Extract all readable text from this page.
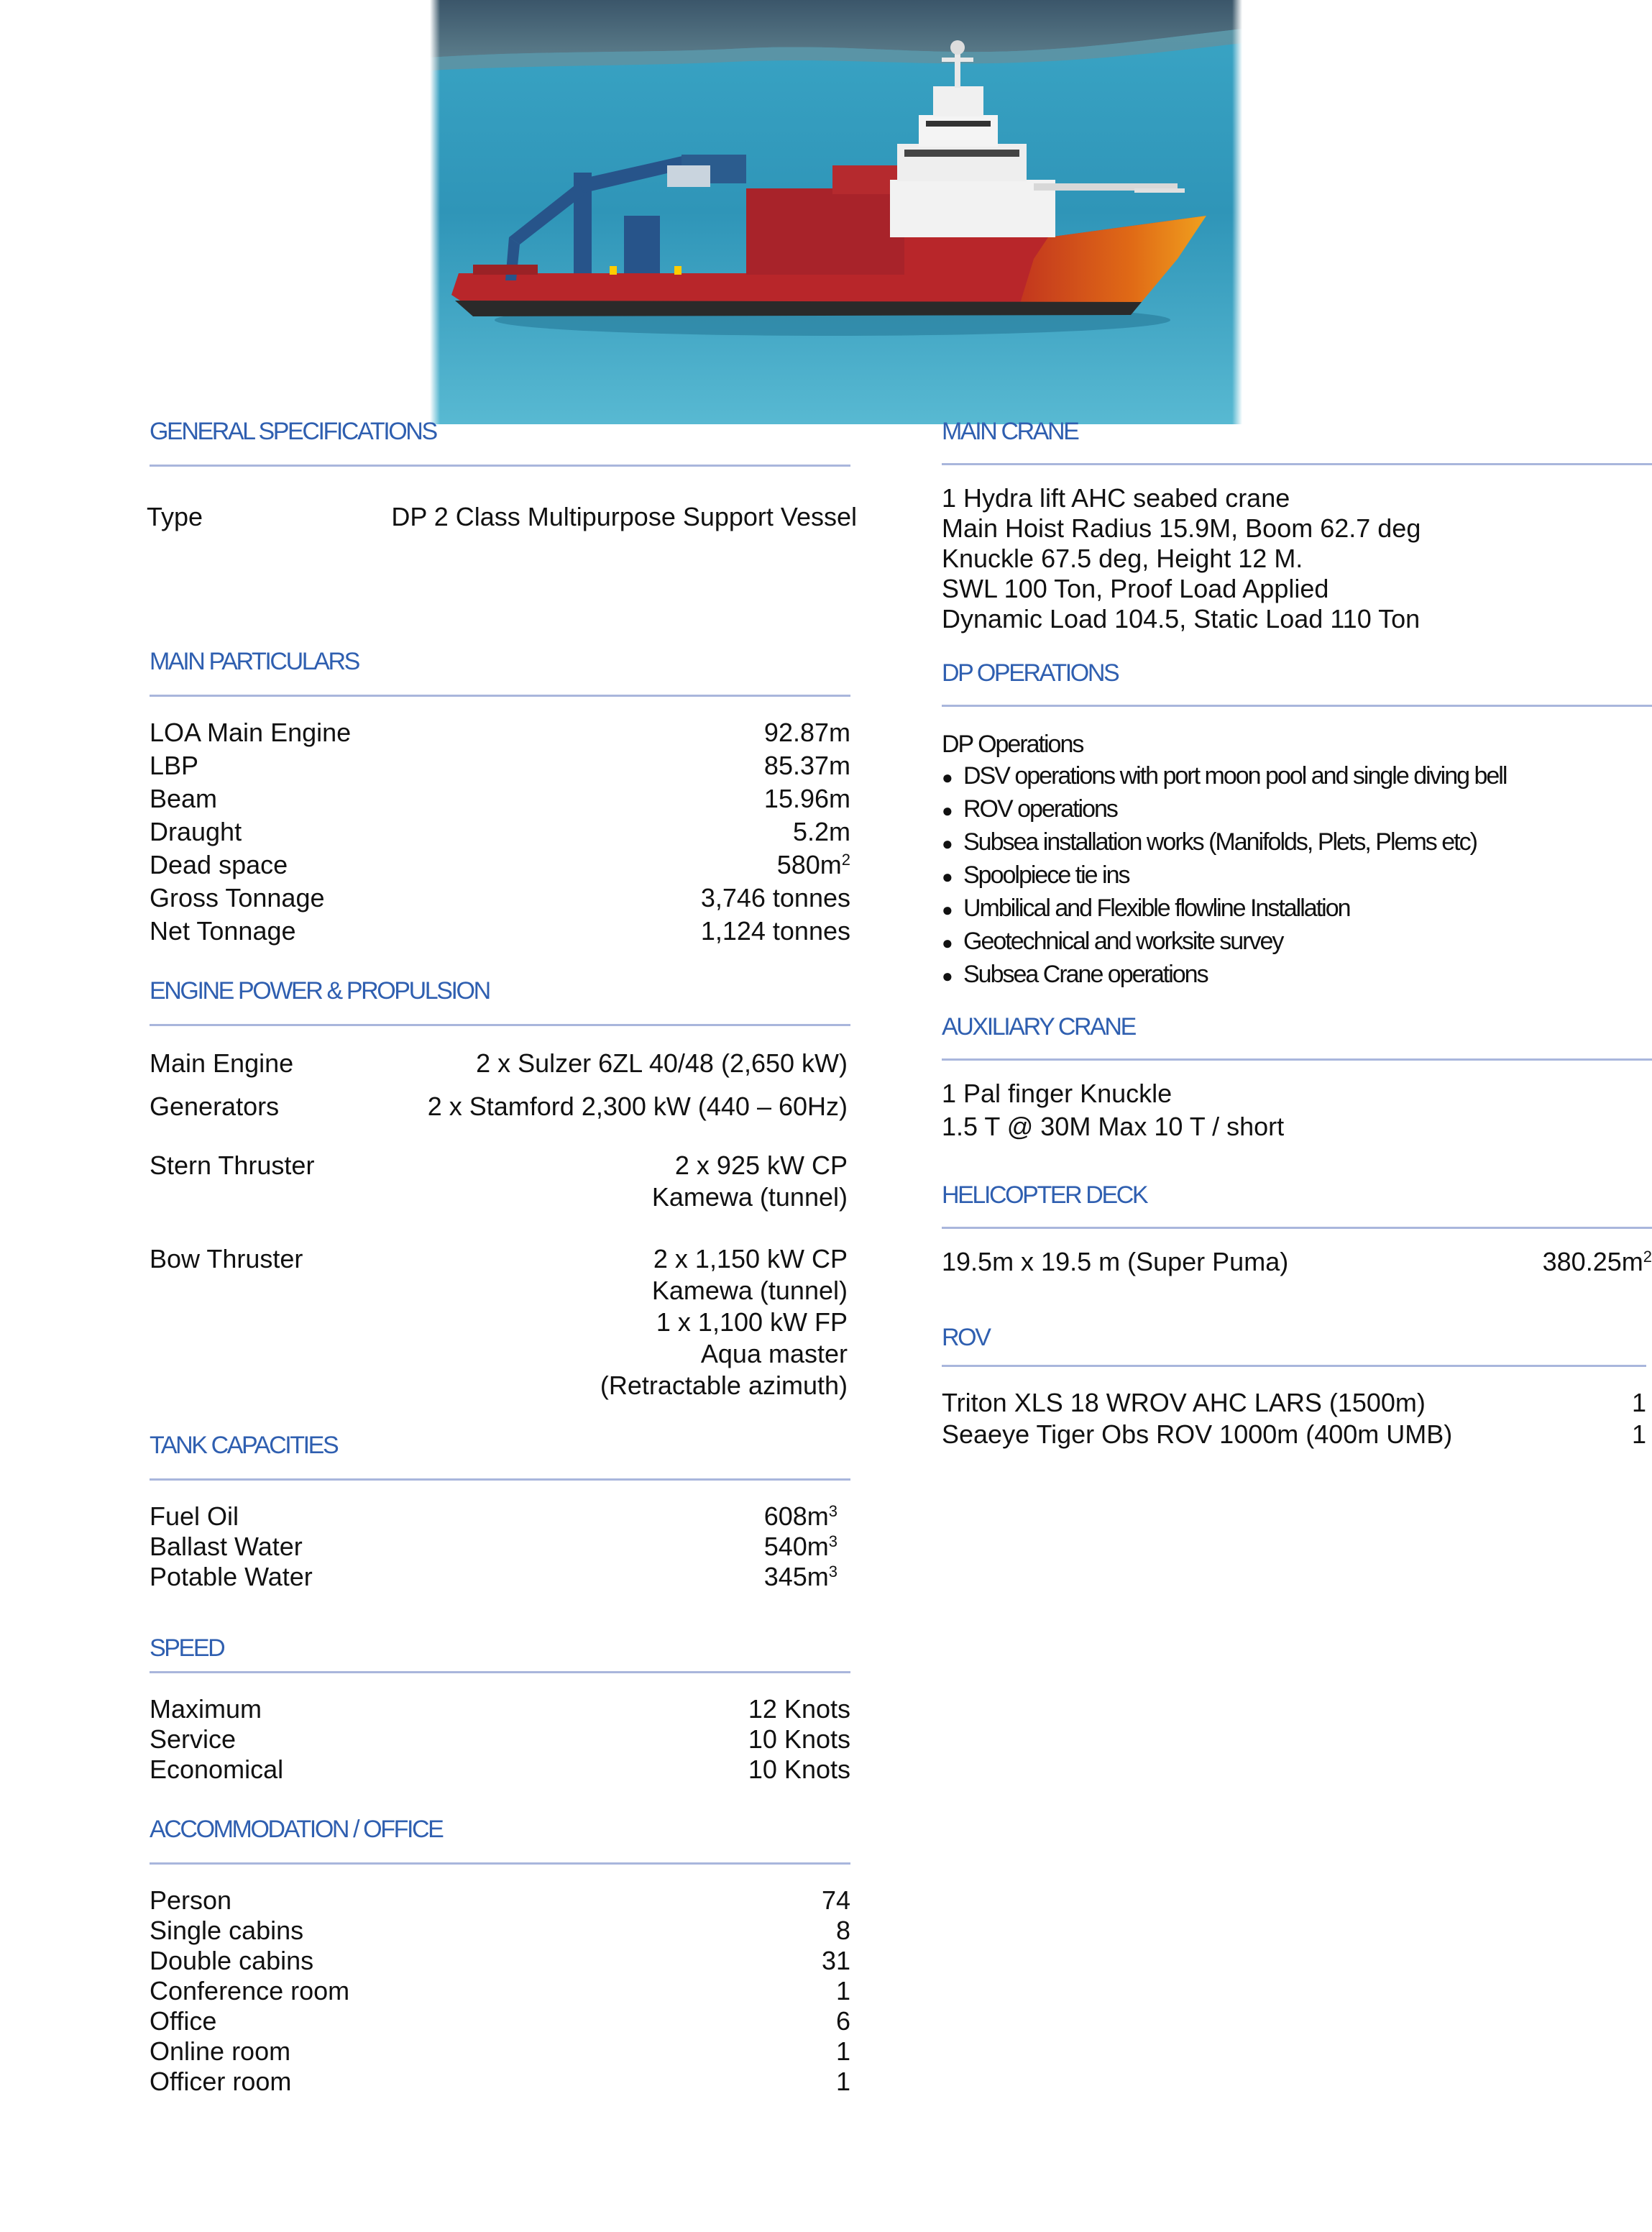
GENERAL SPECIFICATIONS
Type	DP 2 Class Multipurpose Support Vessel
MAIN PARTICULARS
LOA Main Engine	92.87m
LBP	85.37m
Beam	15.96m
Draught	5.2m
Dead space	$580m^2$
Gross Tonnage	3,746 tonnes
Net Tonnage	1,124 tonnes
ENGINE POWER & PROPULSION
Main Engine	2 x Sulzer 6ZL 40/48 (2,650 kW)
Generators	2 x Stamford 2,300 kW (440 – 60Hz)
Stern Thruster	2 x 925 kW CP
Kamewa (tunnel)
Bow Thruster	2 x 1,150 kW CP
Kamewa (tunnel)
1 x 1,100 kW FP
Aqua master
(Retractable azimuth)
TANK CAPACITIES
Fuel Oil	$608m^3$
Ballast Water	$540m^3$
Potable Water	$345m^3$
SPEED
Maximum	12 Knots
Service	10 Knots
Economical	10 Knots
ACCOMMODATION / OFFICE
Person	74
Single cabins	8
Double cabins	31
Conference room	1
Office	6
Online room	1
Officer room	1
MAIN CRANE
1 Hydra lift AHC seabed crane
Main Hoist Radius 15.9M, Boom 62.7 deg
Knuckle 67.5 deg, Height 12 M.
SWL 100 Ton, Proof Load Applied
Dynamic Load 104.5, Static Load 110 Ton
DP OPERATIONS
DP Operations
● DSV operations with port moon pool and single diving bell
● ROV operations
● Subsea installation works (Manifolds, Plets, Plems etc)
● Spoolpiece tie ins
● Umbilical and Flexible flowline Installation
● Geotechnical and worksite survey
● Subsea Crane operations
AUXILIARY CRANE
1 Pal finger Knuckle
1.5 T @ 30M Max 10 T / short
HELICOPTER DECK
19.5m x 19.5 m (Super Puma)	$380.25m^2$
ROV
Triton XLS 18 WROV AHC LARS (1500m)	1
Seaeye Tiger Obs ROV 1000m (400m UMB)	1
